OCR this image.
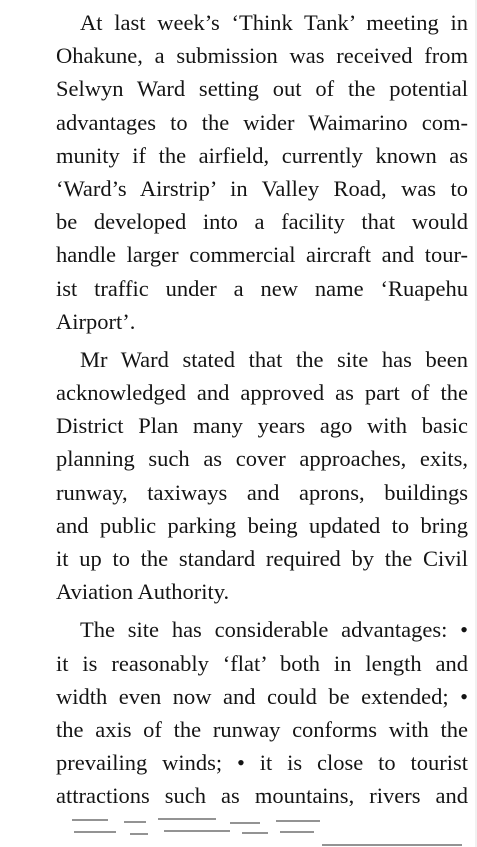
At last week’s ‘Think Tank’ meeting in
Ohakune, a submission was received from
Selwyn Ward setting out of the potential
advantages to the wider Waimarino com-
munity if the airfield, currently known as
‘Ward’s Airstrip’ in Valley Road, was to
be developed into a facility that would
handle larger commercial aircraft and tour-
ist traffic under a new name ‘Ruapehu
Airport’.
Mr Ward stated that the site has been
acknowledged and approved as part of the
District Plan many years ago with basic
planning such as cover approaches, exits,
runway, taxiways and aprons, buildings
and public parking being updated to bring
it up to the standard required by the Civil
Aviation Authority.
The site has considerable advantages: •
it is reasonably ‘flat’ both in length and
width even now and could be extended; •
the axis of the runway conforms with the
prevailing winds; • it is close to tourist
attractions such as mountains, rivers and
